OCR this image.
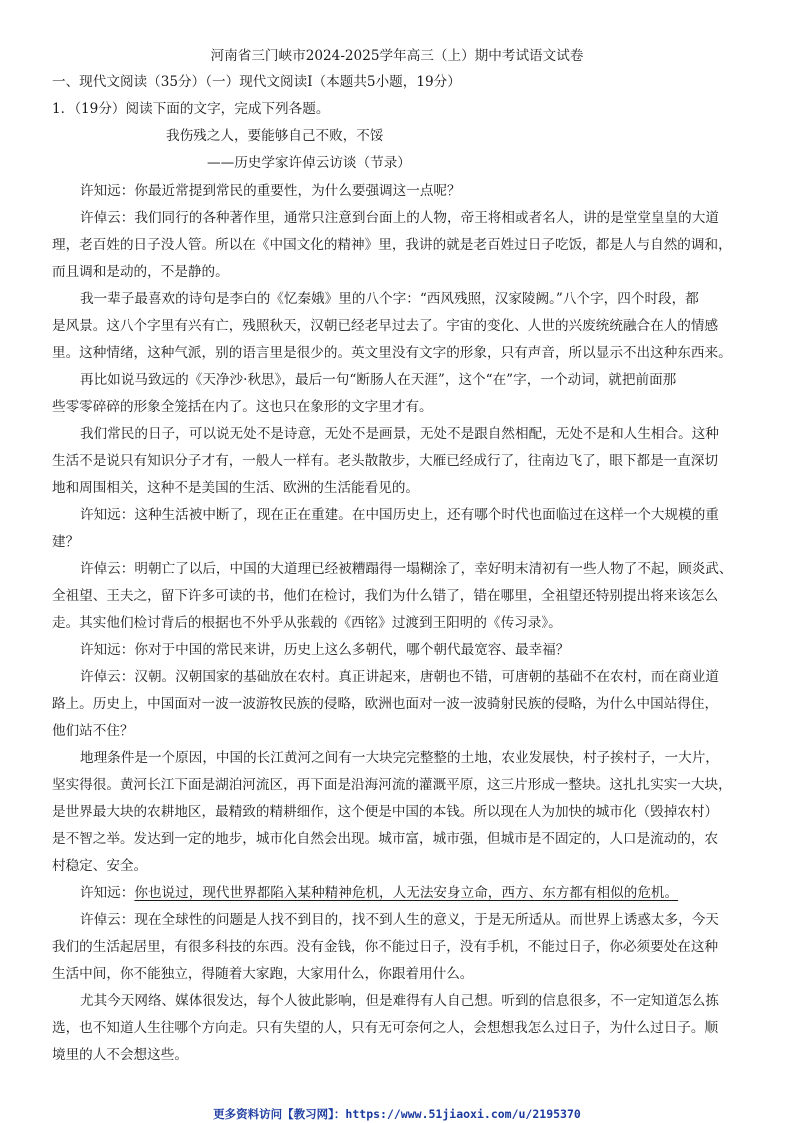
河南省三门峡市2024-2025学年高三（上）期中考试语文试卷
一、现代文阅读（35分）（一）现代文阅读Ⅰ（本题共5小题，19分）
1．（19分）阅读下面的文字，完成下列各题。
我伤残之人，要能够自己不败，不馁
——历史学家许倬云访谈（节录）
许知远：你最近常提到常民的重要性，为什么要强调这一点呢？
许倬云：我们同行的各种著作里，通常只注意到台面上的人物，帝王将相或者名人，讲的是堂堂皇皇的大道
理，老百姓的日子没人管。所以在《中国文化的精神》里，我讲的就是老百姓过日子吃饭，都是人与自然的调和，
而且调和是动的，不是静的。
我一辈子最喜欢的诗句是李白的《忆秦娥》里的八个字：“西风残照，汉家陵阙。”八个字，四个时段，都
是风景。这八个字里有兴有亡，残照秋天，汉朝已经老早过去了。宇宙的变化、人世的兴废统统融合在人的情感
里。这种情绪，这种气派，别的语言里是很少的。英文里没有文字的形象，只有声音，所以显示不出这种东西来。
再比如说马致远的《天净沙·秋思》，最后一句“断肠人在天涯”，这个“在”字，一个动词，就把前面那
些零零碎碎的形象全笼括在内了。这也只在象形的文字里才有。
我们常民的日子，可以说无处不是诗意，无处不是画景，无处不是跟自然相配，无处不是和人生相合。这种
生活不是说只有知识分子才有，一般人一样有。老头散散步，大雁已经成行了，往南边飞了，眼下都是一直深切
地和周围相关，这种不是美国的生活、欧洲的生活能看见的。
许知远：这种生活被中断了，现在正在重建。在中国历史上，还有哪个时代也面临过在这样一个大规模的重
建？
许倬云：明朝亡了以后，中国的大道理已经被糟蹋得一塌糊涂了，幸好明末清初有一些人物了不起，顾炎武、
全祖望、王夫之，留下许多可读的书，他们在检讨，我们为什么错了，错在哪里，全祖望还特别提出将来该怎么
走。其实他们检讨背后的根据也不外乎从张载的《西铭》过渡到王阳明的《传习录》。
许知远：你对于中国的常民来讲，历史上这么多朝代，哪个朝代最宽容、最幸福？
许倬云：汉朝。汉朝国家的基础放在农村。真正讲起来，唐朝也不错，可唐朝的基础不在农村，而在商业道
路上。历史上，中国面对一波一波游牧民族的侵略，欧洲也面对一波一波骑射民族的侵略，为什么中国站得住，
他们站不住？
地理条件是一个原因，中国的长江黄河之间有一大块完完整整的土地，农业发展快，村子挨村子，一大片，
坚实得很。黄河长江下面是湖泊河流区，再下面是沿海河流的灌溉平原，这三片形成一整块。这扎扎实实一大块，
是世界最大块的农耕地区，最精致的精耕细作，这个便是中国的本钱。所以现在人为加快的城市化（毁掉农村）
是不智之举。发达到一定的地步，城市化自然会出现。城市富，城市强，但城市是不固定的，人口是流动的，农
村稳定、安全。
许知远：你也说过，现代世界都陷入某种精神危机，人无法安身立命，西方、东方都有相似的危机。
许倬云：现在全球性的问题是人找不到目的，找不到人生的意义，于是无所适从。而世界上诱惑太多，今天
我们的生活起居里，有很多科技的东西。没有金钱，你不能过日子，没有手机，不能过日子，你必须要处在这种
生活中间，你不能独立，得随着大家跑，大家用什么，你跟着用什么。
尤其今天网络、媒体很发达，每个人彼此影响，但是难得有人自己想。听到的信息很多，不一定知道怎么拣
选，也不知道人生往哪个方向走。只有失望的人，只有无可奈何之人，会想想我怎么过日子，为什么过日子。顺
境里的人不会想这些。
更多资料访问【教习网】：https://www.51jiaoxi.com/u/2195370
